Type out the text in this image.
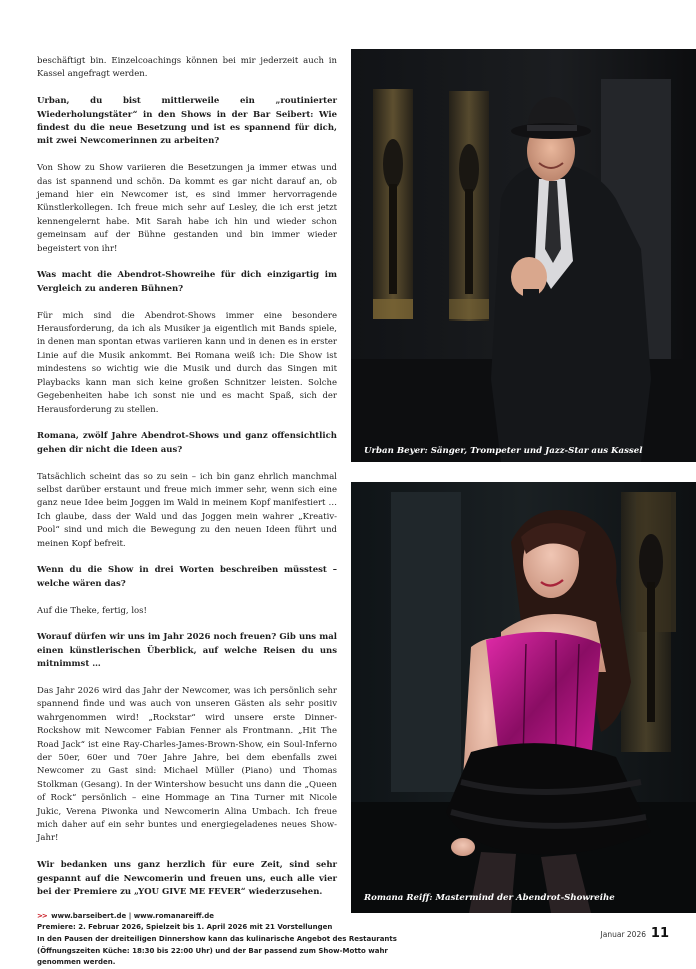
beschäftigt bin. Einzelcoachings können bei mir jederzeit auch in Kassel angefragt werden.

Urban, du bist mittlerweile ein „routinierter Wiederholungstäter“ in den Shows in der Bar Seibert: Wie findest du die neue Besetzung und ist es spannend für dich, mit zwei Newcomerinnen zu arbeiten?

Von Show zu Show variieren die Besetzungen ja immer etwas und das ist spannend und schön. Da kommt es gar nicht darauf an, ob jemand hier ein Newcomer ist, es sind immer hervorragende Künstlerkollegen. Ich freue mich sehr auf Lesley, die ich erst jetzt kennengelernt habe. Mit Sarah habe ich hin und wieder schon gemeinsam auf der Bühne gestanden und bin immer wieder begeistert von ihr!

Was macht die Abendrot-Showreihe für dich einzigartig im Vergleich zu anderen Bühnen?

Für mich sind die Abendrot-Shows immer eine besondere Herausforderung, da ich als Musiker ja eigentlich mit Bands spiele, in denen man spontan etwas variieren kann und in denen es in erster Linie auf die Musik ankommt. Bei Romana weiß ich: Die Show ist mindestens so wichtig wie die Musik und durch das Singen mit Playbacks kann man sich keine großen Schnitzer leisten. Solche Gegebenheiten habe ich sonst nie und es macht Spaß, sich der Herausforderung zu stellen.

Romana, zwölf Jahre Abendrot-Shows und ganz offensichtlich gehen dir nicht die Ideen aus?

Tatsächlich scheint das so zu sein – ich bin ganz ehrlich manchmal selbst darüber erstaunt und freue mich immer sehr, wenn sich eine ganz neue Idee beim Joggen im Wald in meinem Kopf manifestiert … Ich glaube, dass der Wald und das Joggen mein wahrer „Kreativ-Pool“ sind und mich die Bewegung zu den neuen Ideen führt und meinen Kopf befreit.

Wenn du die Show in drei Worten beschreiben müsstest – welche wären das?

Auf die Theke, fertig, los!

Worauf dürfen wir uns im Jahr 2026 noch freuen? Gib uns mal einen künstlerischen Überblick, auf welche Reisen du uns mitnimmst …

Das Jahr 2026 wird das Jahr der Newcomer, was ich persönlich sehr spannend finde und was auch von unseren Gästen als sehr positiv wahrgenommen wird! „Rockstar“ wird unsere erste Dinner-Rockshow mit Newcomer Fabian Fenner als Frontmann. „Hit The Road Jack“ ist eine Ray-Charles-James-Brown-Show, ein Soul-Inferno der 50er, 60er und 70er Jahre Jahre, bei dem ebenfalls zwei Newcomer zu Gast sind: Michael Müller (Piano) und Thomas Stolkman (Gesang). In der Wintershow besucht uns dann die „Queen of Rock“ persönlich – eine Hommage an Tina Turner mit Nicole Jukic, Verena Piwonka und Newcomerin Alina Umbach. Ich freue mich daher auf ein sehr buntes und energiegeladenes neues Show-Jahr!

Wir bedanken uns ganz herzlich für eure Zeit, sind sehr gespannt auf die Newcomerin und freuen uns, euch alle vier bei der Premiere zu „YOU GIVE ME FEVER“ wiederzusehen.

>> www.barseibert.de | www.romanareiff.de
Premiere: 2. Februar 2026, Spielzeit bis 1. April 2026 mit 21 Vorstellungen
In den Pausen der dreiteiligen Dinnershow kann das kulinarische Angebot des Restaurants
(Öffnungszeiten Küche: 18:30 bis 22:00 Uhr) und der Bar passend zum Show-Motto wahr
genommen werden.
Urban Beyer: Sänger, Trompeter und Jazz-Star aus Kassel
Romana Reiff: Mastermind der Abendrot-Showreihe
Januar 2026 11
